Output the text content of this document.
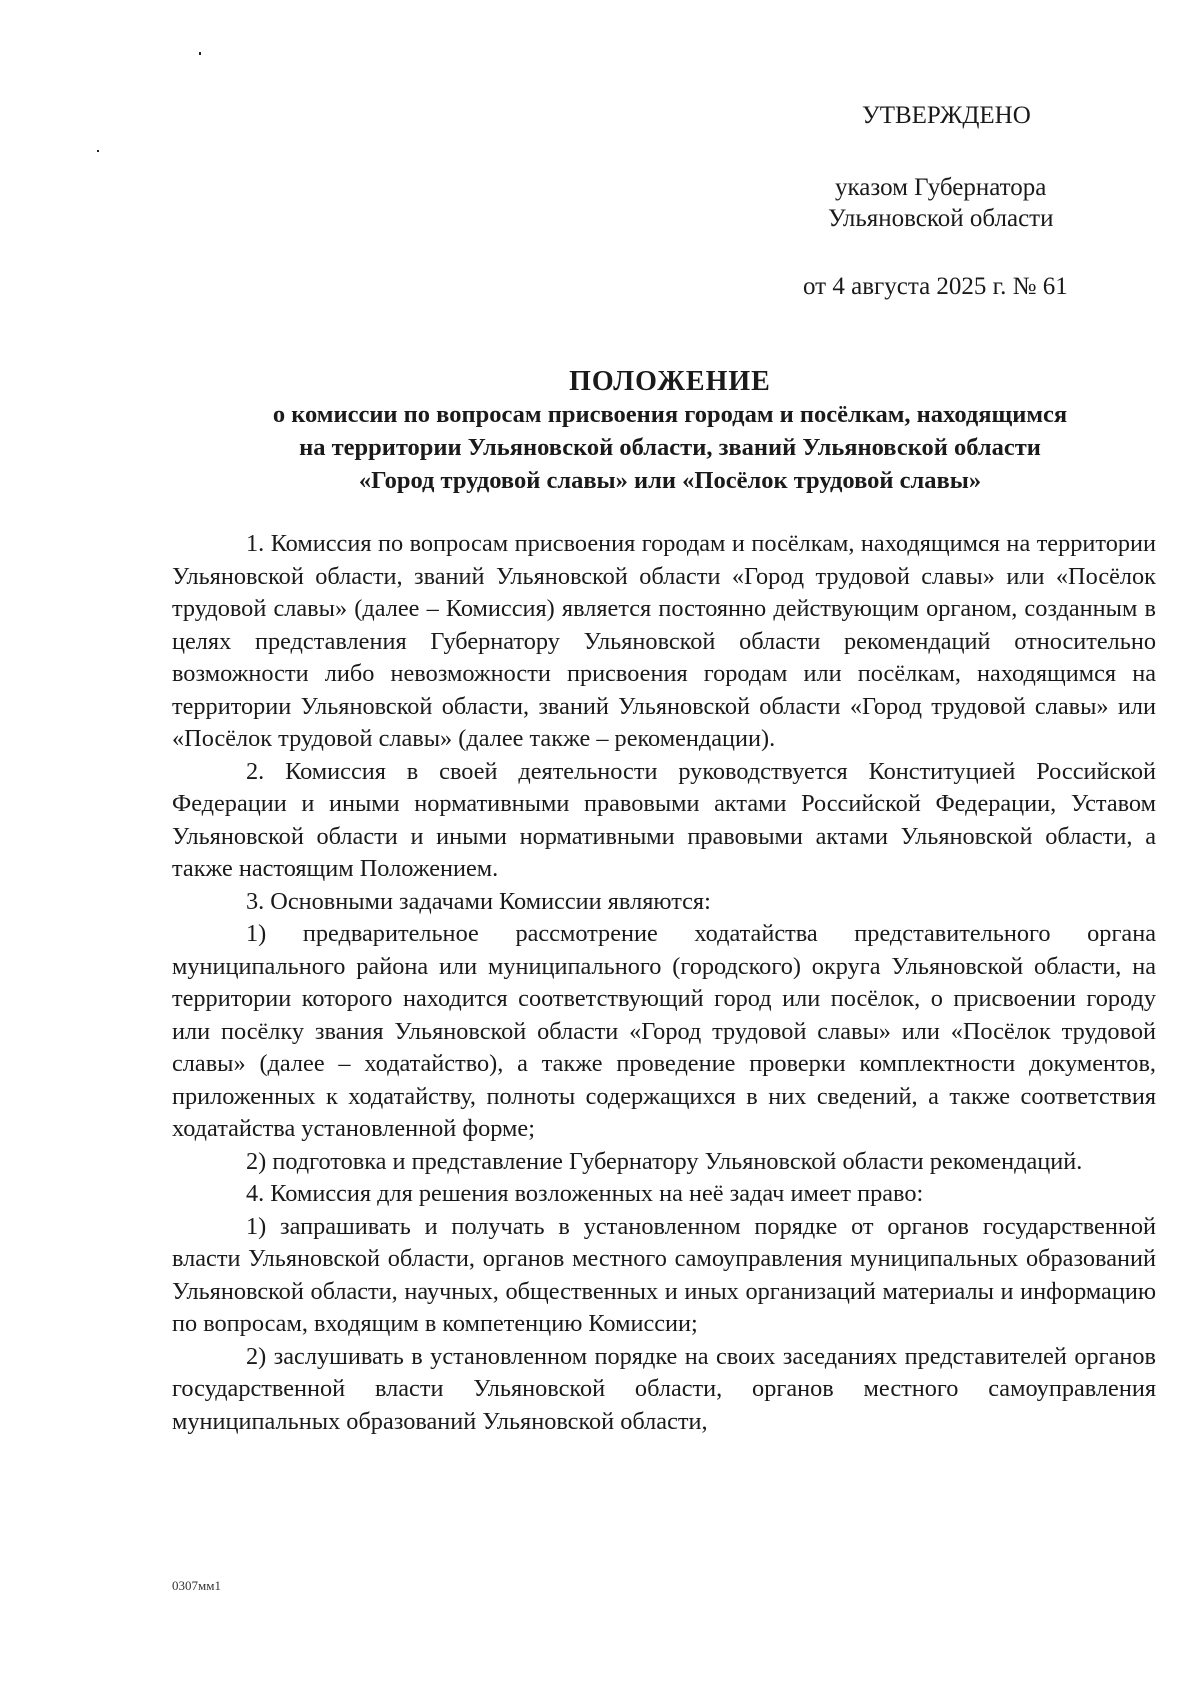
УТВЕРЖДЕНО
указом Губернатора
Ульяновской области
от 4 августа 2025 г. № 61
ПОЛОЖЕНИЕ
о комиссии по вопросам присвоения городам и посёлкам, находящимся
на территории Ульяновской области, званий Ульяновской области
«Город трудовой славы» или «Посёлок трудовой славы»

1. Комиссия по вопросам присвоения городам и посёлкам, находящимся на территории Ульяновской области, званий Ульяновской области «Город трудовой славы» или «Посёлок трудовой славы» (далее – Комиссия) является постоянно действующим органом, созданным в целях представления Губернатору Ульяновской области рекомендаций относительно возможности либо невозможности присвоения городам или посёлкам, находящимся на территории Ульяновской области, званий Ульяновской области «Город трудовой славы» или «Посёлок трудовой славы» (далее также – рекомендации).

2. Комиссия в своей деятельности руководствуется Конституцией Российской Федерации и иными нормативными правовыми актами Российской Федерации, Уставом Ульяновской области и иными нормативными правовыми актами Ульяновской области, а также настоящим Положением.

3. Основными задачами Комиссии являются:

1) предварительное рассмотрение ходатайства представительного органа муниципального района или муниципального (городского) округа Ульяновской области, на территории которого находится соответствующий город или посёлок, о присвоении городу или посёлку звания Ульяновской области «Город трудовой славы» или «Посёлок трудовой славы» (далее – ходатайство), а также проведение проверки комплектности документов, приложенных к ходатайству, полноты содержащихся в них сведений, а также соответствия ходатайства установленной форме;

2) подготовка и представление Губернатору Ульяновской области рекомендаций.

4. Комиссия для решения возложенных на неё задач имеет право:

1) запрашивать и получать в установленном порядке от органов государственной власти Ульяновской области, органов местного самоуправления муниципальных образований Ульяновской области, научных, общественных и иных организаций материалы и информацию по вопросам, входящим в компетенцию Комиссии;

2) заслушивать в установленном порядке на своих заседаниях представителей органов государственной власти Ульяновской области, органов местного самоуправления муниципальных образований Ульяновской области,

0307мм1
